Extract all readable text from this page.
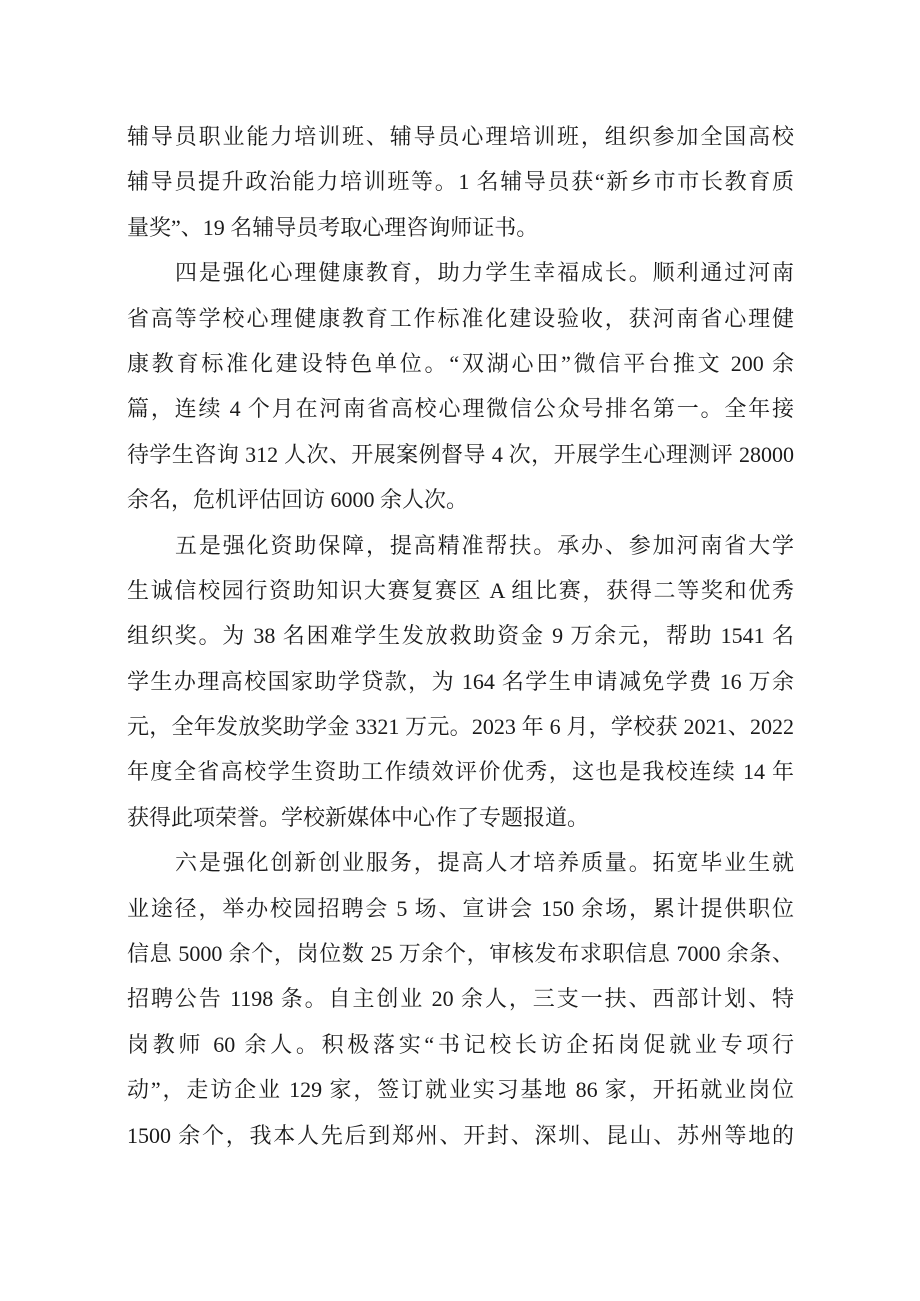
辅导员职业能力培训班、辅导员心理培训班，组织参加全国高校
辅导员提升政治能力培训班等。1 名辅导员获“新乡市市长教育质
量奖”、19 名辅导员考取心理咨询师证书。
四是强化心理健康教育，助力学生幸福成长。顺利通过河南
省高等学校心理健康教育工作标准化建设验收，获河南省心理健
康教育标准化建设特色单位。“双湖心田”微信平台推文 200 余
篇，连续 4 个月在河南省高校心理微信公众号排名第一。全年接
待学生咨询 312 人次、开展案例督导 4 次，开展学生心理测评 28000
余名，危机评估回访 6000 余人次。
五是强化资助保障，提高精准帮扶。承办、参加河南省大学
生诚信校园行资助知识大赛复赛区 A 组比赛，获得二等奖和优秀
组织奖。为 38 名困难学生发放救助资金 9 万余元，帮助 1541 名
学生办理高校国家助学贷款，为 164 名学生申请减免学费 16 万余
元，全年发放奖助学金 3321 万元。2023 年 6 月，学校获 2021、2022
年度全省高校学生资助工作绩效评价优秀，这也是我校连续 14 年
获得此项荣誉。学校新媒体中心作了专题报道。
六是强化创新创业服务，提高人才培养质量。拓宽毕业生就
业途径，举办校园招聘会 5 场、宣讲会 150 余场，累计提供职位
信息 5000 余个，岗位数 25 万余个，审核发布求职信息 7000 余条、
招聘公告 1198 条。自主创业 20 余人，三支一扶、西部计划、特
岗教师 60 余人。积极落实“书记校长访企拓岗促就业专项行
动”，走访企业 129 家，签订就业实习基地 86 家，开拓就业岗位
1500 余个，我本人先后到郑州、开封、深圳、昆山、苏州等地的
